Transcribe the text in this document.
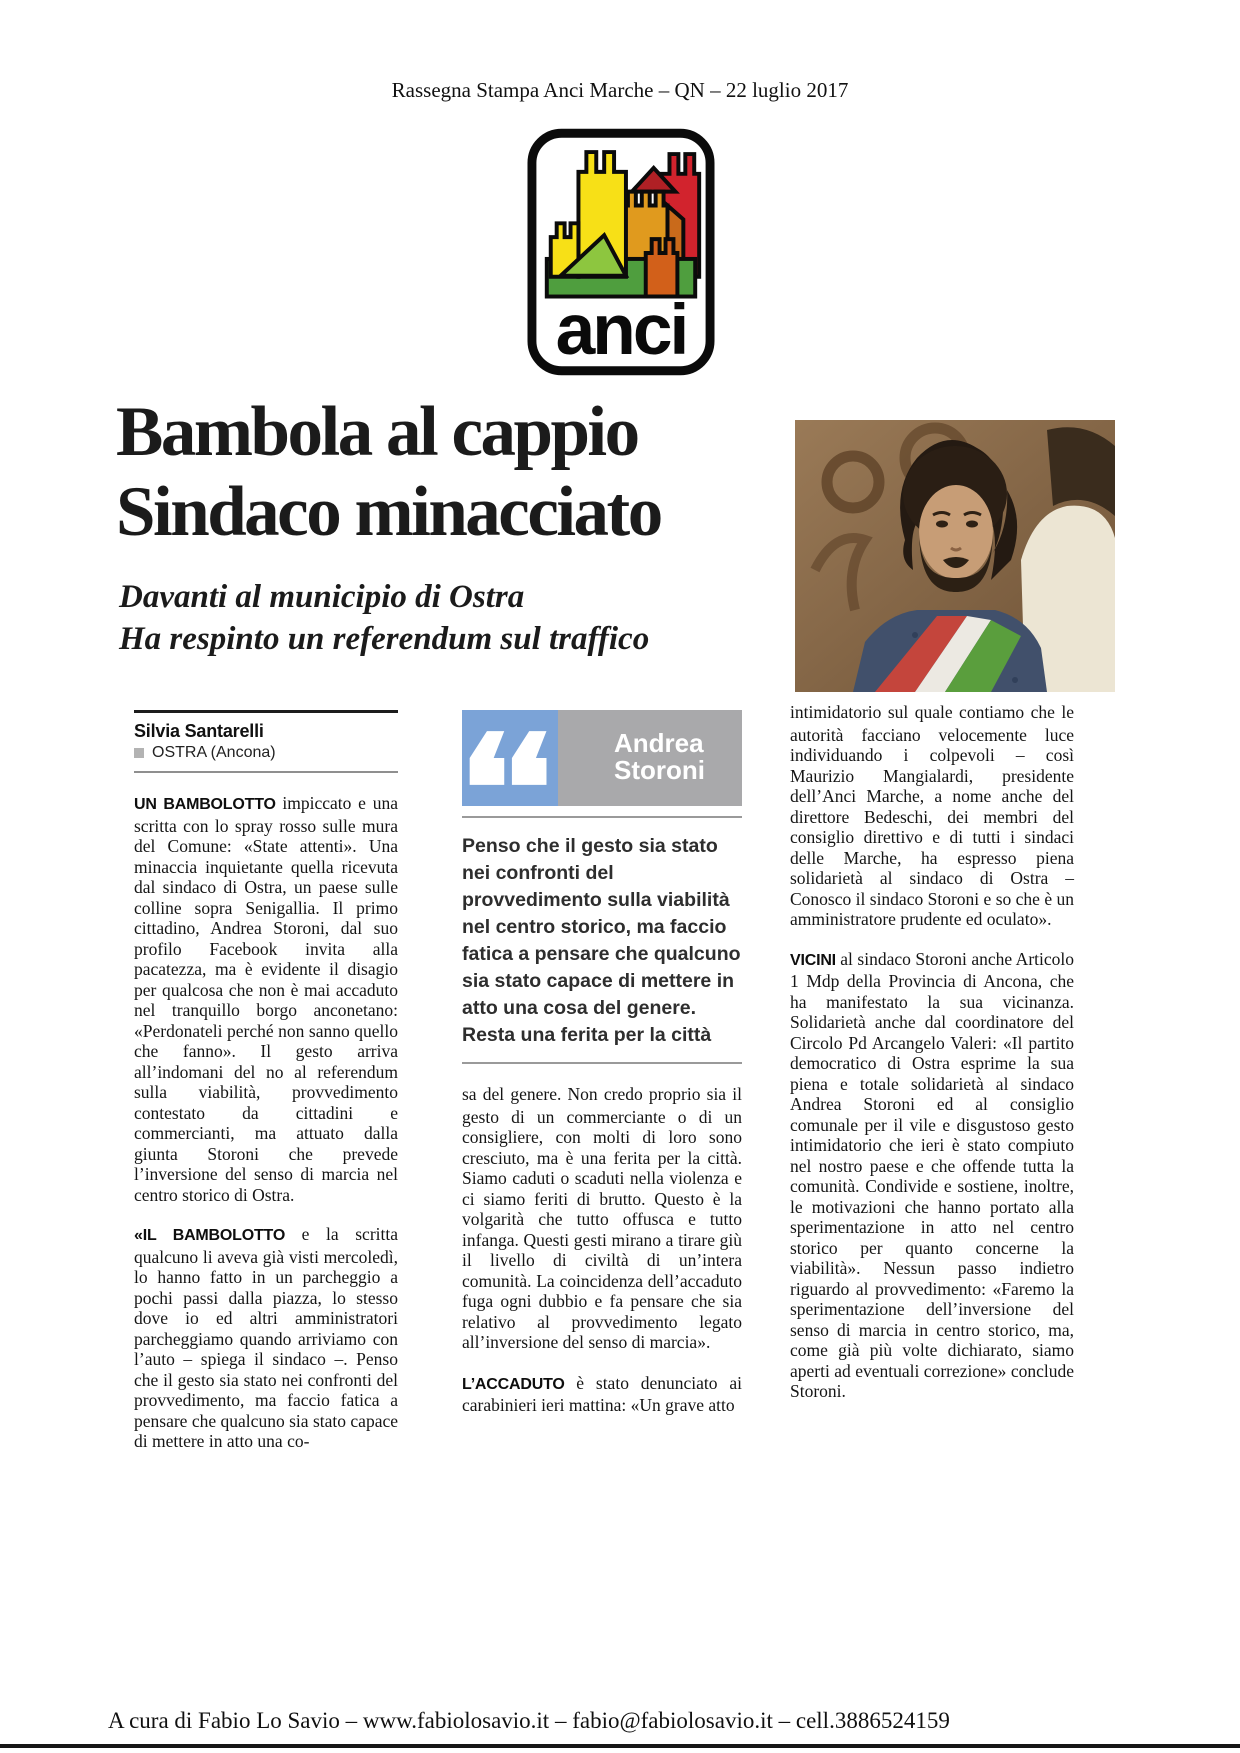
Rassegna Stampa Anci Marche – QN – 22 luglio 2017
anci
Bambola al cappio
Sindaco minacciato
Davanti al municipio di Ostra
Ha respinto un referendum sul traffico
Silvia Santarelli
OSTRA (Ancona)

UN BAMBOLOTTO impiccato e una scritta con lo spray rosso sulle mura del Comune: «State attenti». Una minaccia inquietante quella ricevuta dal sindaco di Ostra, un paese sulle colline sopra Senigallia. Il primo cittadino, Andrea Storoni, dal suo profilo Facebook invita alla pacatezza, ma è evidente il disagio per qualcosa che non è mai accaduto nel tranquillo borgo anconetano: «Perdonateli perché non sanno quello che fanno». Il gesto arriva all’indomani del no al referendum sulla viabilità, provvedimento contestato da cittadini e commercianti, ma attuato dalla giunta Storoni che prevede l’inversione del senso di marcia nel centro storico di Ostra.

«IL BAMBOLOTTO e la scritta qualcuno li aveva già visti mercoledì, lo hanno fatto in un parcheggio a pochi passi dalla piazza, lo stesso dove io ed altri amministratori parcheggiamo quando arriviamo con l’auto – spiega il sindaco –. Penso che il gesto sia stato nei confronti del provvedimento, ma faccio fatica a pensare che qualcuno sia stato capace di mettere in atto una co-

Andrea Storoni
Penso che il gesto sia stato nei confronti del provvedimento sulla viabilità nel centro storico, ma faccio fatica a pensare che qualcuno sia stato capace di mettere in atto una cosa del genere. Resta una ferita per la città

sa del genere. Non credo proprio sia il gesto di un commerciante o di un consigliere, con molti di loro sono cresciuto, ma è una ferita per la città. Siamo caduti o scaduti nella violenza e ci siamo feriti di brutto. Questo è la volgarità che tutto offusca e tutto infanga. Questi gesti mirano a tirare giù il livello di civiltà di un’intera comunità. La coincidenza dell’accaduto fuga ogni dubbio e fa pensare che sia relativo al provvedimento legato all’inversione del senso di marcia».

L’ACCADUTO è stato denunciato ai carabinieri ieri mattina: «Un grave atto

intimidatorio sul quale contiamo che le autorità facciano velocemente luce individuando i colpevoli – così Maurizio Mangialardi, presidente dell’Anci Marche, a nome anche del direttore Bedeschi, dei membri del consiglio direttivo e di tutti i sindaci delle Marche, ha espresso piena solidarietà al sindaco di Ostra – Conosco il sindaco Storoni e so che è un amministratore prudente ed oculato».

VICINI al sindaco Storoni anche Articolo 1 Mdp della Provincia di Ancona, che ha manifestato la sua vicinanza. Solidarietà anche dal coordinatore del Circolo Pd Arcangelo Valeri: «Il partito democratico di Ostra esprime la sua piena e totale solidarietà al sindaco Andrea Storoni ed al consiglio comunale per il vile e disgustoso gesto intimidatorio che ieri è stato compiuto nel nostro paese e che offende tutta la comunità. Condivide e sostiene, inoltre, le motivazioni che hanno portato alla sperimentazione in atto nel centro storico per quanto concerne la viabilità». Nessun passo indietro riguardo al provvedimento: «Faremo la sperimentazione dell’inversione del senso di marcia in centro storico, ma, come già più volte dichiarato, siamo aperti ad eventuali correzione» conclude Storoni.

A cura di Fabio Lo Savio – www.fabiolosavio.it – fabio@fabiolosavio.it – cell.3886524159
